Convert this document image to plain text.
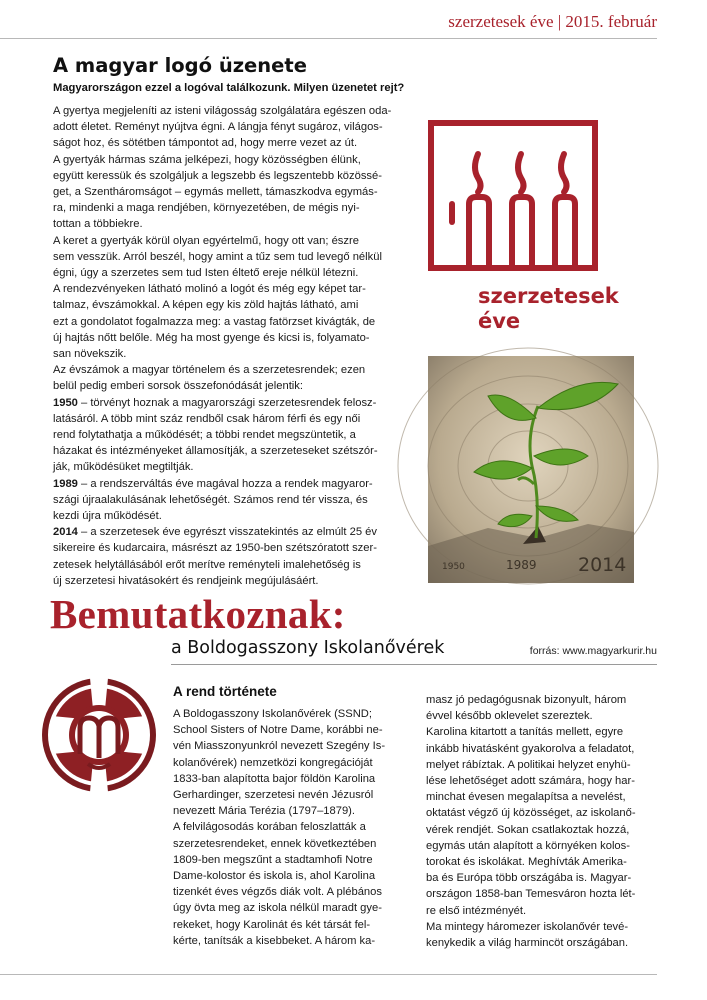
szerzetesek éve | 2015. február
A magyar logó üzenete
Magyarországon ezzel a logóval találkozunk. Milyen üzenetet rejt?

A gyertya megjeleníti az isteni világosság szolgálatára egészen oda-

adott életet. Reményt nyújtva égni. A lángja fényt sugároz, világos-

ságot hoz, és sötétben támpontot ad, hogy merre vezet az út.

A gyertyák hármas száma jelképezi, hogy közösségben élünk,

együtt keressük és szolgáljuk a legszebb és legszentebb közössé-

get, a Szentháromságot – egymás mellett, támaszkodva egymás-

ra, mindenki a maga rendjében, környezetében, de mégis nyi-

tottan a többiekre.

A keret a gyertyák körül olyan egyértelmű, hogy ott van; észre

sem vesszük. Arról beszél, hogy amint a tűz sem tud levegő nélkül

égni, úgy a szerzetes sem tud Isten éltető ereje nélkül létezni.

A rendezvényeken látható molinó a logót és még egy képet tar-

talmaz, évszámokkal. A képen egy kis zöld hajtás látható, ami

ezt a gondolatot fogalmazza meg: a vastag fatörzset kivágták, de

új hajtás nőtt belőle. Még ha most gyenge és kicsi is, folyamato-

san növekszik.

Az évszámok a magyar történelem és a szerzetesrendek; ezen

belül pedig emberi sorsok összefonódását jelentik:

1950 – törvényt hoznak a magyarországi szerzetesrendek felosz-

latásáról. A több mint száz rendből csak három férfi és egy női

rend folytathatja a működését; a többi rendet megszüntetik, a

házakat és intézményeket államosítják, a szerzeteseket szétszór-

ják, működésüket megtiltják.

1989 – a rendszerváltás éve magával hozza a rendek magyaror-

szági újraalakulásának lehetőségét. Számos rend tér vissza, és

kezdi újra működését.

2014 – a szerzetesek éve egyrészt visszatekintés az elmúlt 25 év

sikereire és kudarcaira, másrészt az 1950-ben szétszóratott szer-

zetesek helytállásából erőt merítve reményteli imalehetőség is

új szerzetesi hivatásokért és rendjeink megújulásáért.

szerzetesek
éve
1950	1989 2014
Bemutatkoznak:
a Boldogasszony Iskolanővérek	forrás: www.magyarkurir.hu
A rend története

A Boldogasszony Iskolanővérek (SSND;

School Sisters of Notre Dame, korábbi ne-

vén Miasszonyunkról nevezett Szegény Is-

kolanővérek) nemzetközi kongregációját

1833-ban alapította bajor földön Karolina

Gerhardinger, szerzetesi nevén Jézusról

nevezett Mária Terézia (1797–1879).

A felvilágosodás korában feloszlatták a

szerzetesrendeket, ennek következtében

1809-ben megszűnt a stadtamhofi Notre

Dame-kolostor és iskola is, ahol Karolina

tizenkét éves végzős diák volt. A plébános

úgy övta meg az iskola nélkül maradt gye-

rekeket, hogy Karolinát és két társát fel-

kérte, tanítsák a kisebbeket. A három ka-

masz jó pedagógusnak bizonyult, három

évvel később oklevelet szereztek.

Karolina kitartott a tanítás mellett, egyre

inkább hivatásként gyakorolva a feladatot,

melyet rábíztak. A politikai helyzet enyhü-

lése lehetőséget adott számára, hogy har-

minchat évesen megalapítsa a nevelést,

oktatást végző új közösséget, az iskolanő-

vérek rendjét. Sokan csatlakoztak hozzá,

egymás után alapított a környéken kolos-

torokat és iskolákat. Meghívták Amerika-

ba és Európa több országába is. Magyar-

országon 1858-ban Temesváron hozta lét-

re első intézményét.

Ma mintegy háromezer iskolanővér tevé-

kenykedik a világ harmincöt országában.
